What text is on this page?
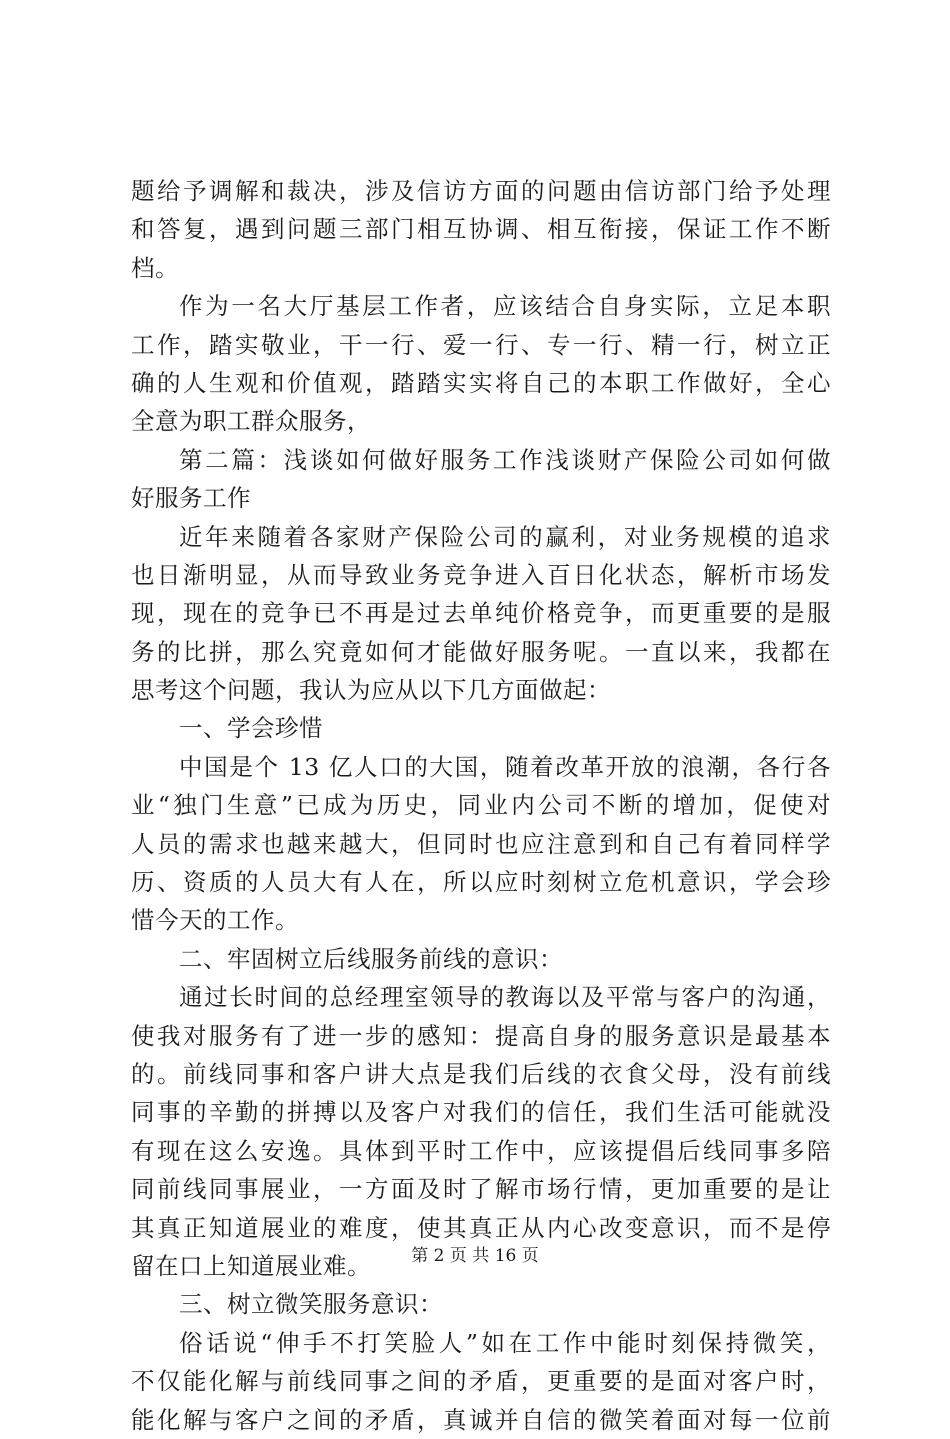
题给予调解和裁决，涉及信访方面的问题由信访部门给予处理
和答复，遇到问题三部门相互协调、相互衔接，保证工作不断
档。
作为一名大厅基层工作者，应该结合自身实际，立足本职
工作，踏实敬业，干一行、爱一行、专一行、精一行，树立正
确的人生观和价值观，踏踏实实将自己的本职工作做好，全心
全意为职工群众服务，
第二篇：浅谈如何做好服务工作浅谈财产保险公司如何做
好服务工作
近年来随着各家财产保险公司的赢利，对业务规模的追求
也日渐明显，从而导致业务竞争进入百日化状态，解析市场发
现，现在的竞争已不再是过去单纯价格竞争，而更重要的是服
务的比拼，那么究竟如何才能做好服务呢。一直以来，我都在
思考这个问题，我认为应从以下几方面做起：
一、学会珍惜
中国是个 13 亿人口的大国，随着改革开放的浪潮，各行各
业“独门生意”已成为历史，同业内公司不断的增加，促使对
人员的需求也越来越大，但同时也应注意到和自己有着同样学
历、资质的人员大有人在，所以应时刻树立危机意识，学会珍
惜今天的工作。
二、牢固树立后线服务前线的意识：
通过长时间的总经理室领导的教诲以及平常与客户的沟通，
使我对服务有了进一步的感知：提高自身的服务意识是最基本
的。前线同事和客户讲大点是我们后线的衣食父母，没有前线
同事的辛勤的拼搏以及客户对我们的信任，我们生活可能就没
有现在这么安逸。具体到平时工作中，应该提倡后线同事多陪
同前线同事展业，一方面及时了解市场行情，更加重要的是让
其真正知道展业的难度，使其真正从内心改变意识，而不是停
留在口上知道展业难。
三、树立微笑服务意识：
俗话说“伸手不打笑脸人”如在工作中能时刻保持微笑，
不仅能化解与前线同事之间的矛盾，更重要的是面对客户时，
能化解与客户之间的矛盾，真诚并自信的微笑着面对每一位前
第 2 页 共 16 页
